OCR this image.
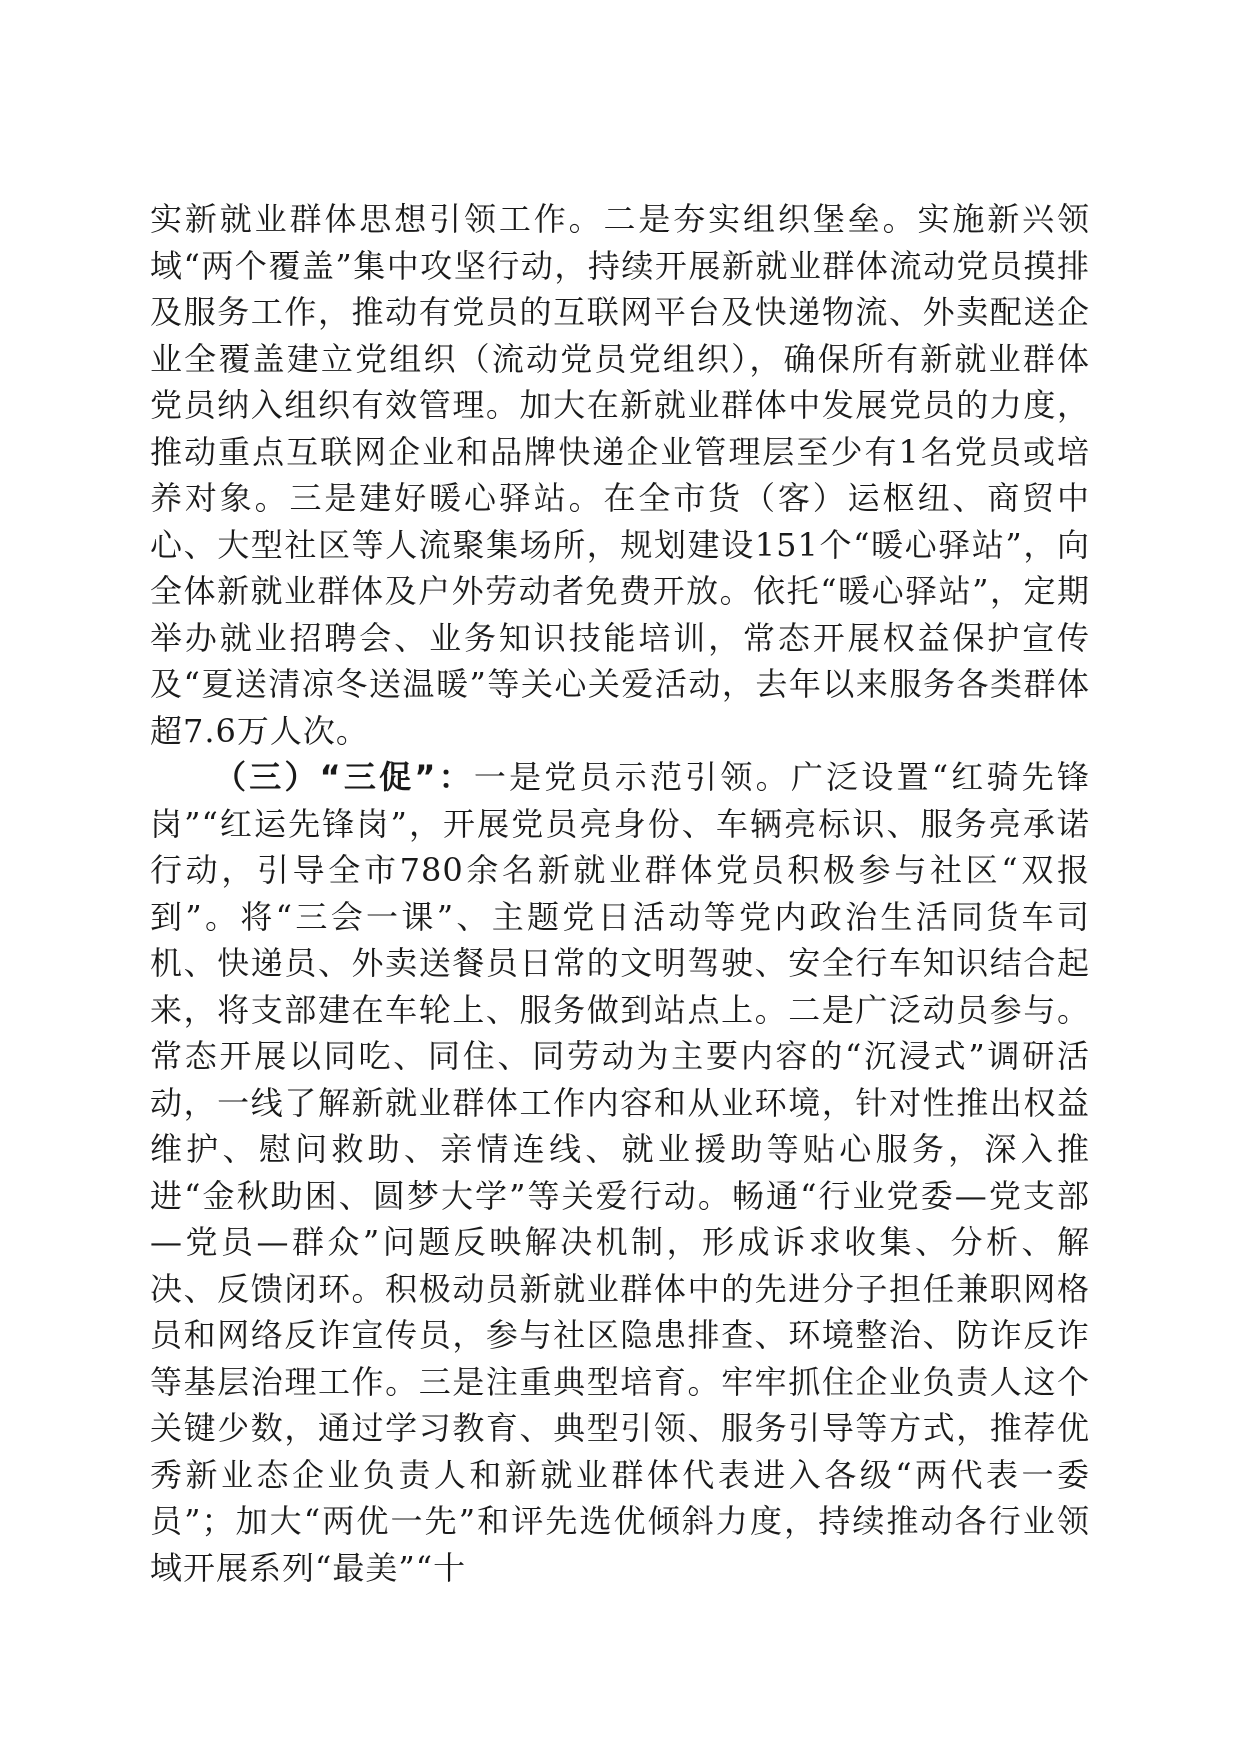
实新就业群体思想引领工作。二是夯实组织堡垒。实施新兴领域“两个覆盖”集中攻坚行动，持续开展新就业群体流动党员摸排及服务工作，推动有党员的互联网平台及快递物流、外卖配送企业全覆盖建立党组织（流动党员党组织），确保所有新就业群体党员纳入组织有效管理。加大在新就业群体中发展党员的力度，推动重点互联网企业和品牌快递企业管理层至少有1名党员或培养对象。三是建好暖心驿站。在全市货（客）运枢纽、商贸中心、大型社区等人流聚集场所，规划建设151个“暖心驿站”，向全体新就业群体及户外劳动者免费开放。依托“暖心驿站”，定期举办就业招聘会、业务知识技能培训，常态开展权益保护宣传及“夏送清凉冬送温暖”等关心关爱活动，去年以来服务各类群体超7.6万人次。

（三）“三促”：一是党员示范引领。广泛设置“红骑先锋岗”“红运先锋岗”，开展党员亮身份、车辆亮标识、服务亮承诺行动，引导全市780余名新就业群体党员积极参与社区“双报到”。将“三会一课”、主题党日活动等党内政治生活同货车司机、快递员、外卖送餐员日常的文明驾驶、安全行车知识结合起来，将支部建在车轮上、服务做到站点上。二是广泛动员参与。常态开展以同吃、同住、同劳动为主要内容的“沉浸式”调研活动，一线了解新就业群体工作内容和从业环境，针对性推出权益维护、慰问救助、亲情连线、就业援助等贴心服务，深入推进“金秋助困、圆梦大学”等关爱行动。畅通“行业党委—党支部—党员—群众”问题反映解决机制，形成诉求收集、分析、解决、反馈闭环。积极动员新就业群体中的先进分子担任兼职网格员和网络反诈宣传员，参与社区隐患排查、环境整治、防诈反诈等基层治理工作。三是注重典型培育。牢牢抓住企业负责人这个关键少数，通过学习教育、典型引领、服务引导等方式，推荐优秀新业态企业负责人和新就业群体代表进入各级“两代表一委员”；加大“两优一先”和评先选优倾斜力度，持续推动各行业领域开展系列“最美”“十
